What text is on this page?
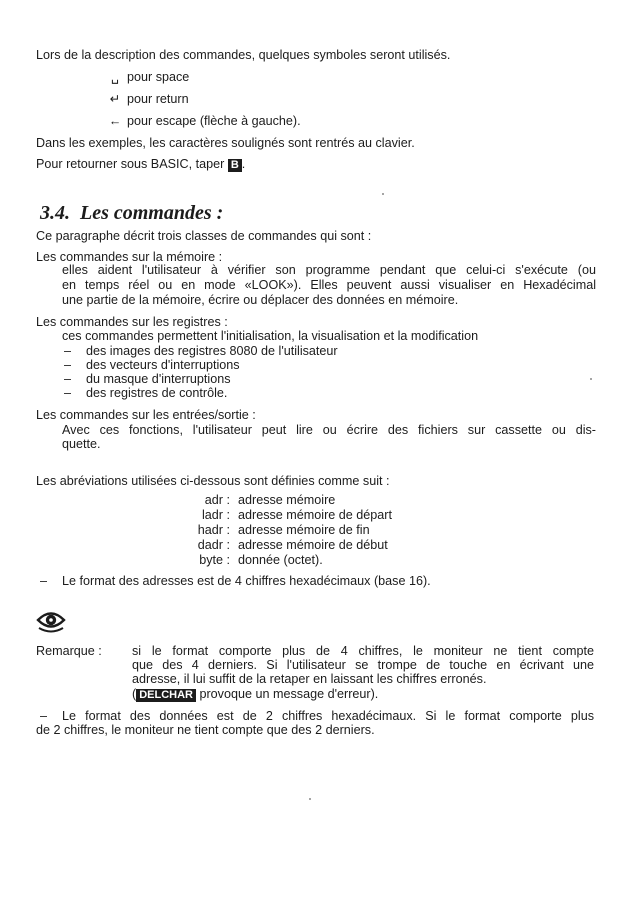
Lors de la description des commandes, quelques symboles seront utilisés.
␣ pour space
↵ pour return
← pour escape (flèche à gauche).
Dans les exemples, les caractères soulignés sont rentrés au clavier.
Pour retourner sous BASIC, taper B .
3.4. Les commandes :
Ce paragraphe décrit trois classes de commandes qui sont :
Les commandes sur la mémoire :
elles aident l'utilisateur à vérifier son programme pendant que celui-ci s'exécute (ou
en temps réel ou en mode «LOOK»). Elles peuvent aussi visualiser en Hexadécimal
une partie de la mémoire, écrire ou déplacer des données en mémoire.
Les commandes sur les registres :
ces commandes permettent l'initialisation, la visualisation et la modification
– des images des registres 8080 de l'utilisateur
– des vecteurs d'interruptions
– du masque d'interruptions
– des registres de contrôle.
Les commandes sur les entrées/sortie :
Avec ces fonctions, l'utilisateur peut lire ou écrire des fichiers sur cassette ou dis-
quette.
Les abréviations utilisées ci-dessous sont définies comme suit :
adr : adresse mémoire
ladr : adresse mémoire de départ
hadr : adresse mémoire de fin
dadr : adresse mémoire de début
byte : donnée (octet).
– Le format des adresses est de 4 chiffres hexadécimaux (base 16).
Remarque : si le format comporte plus de 4 chiffres, le moniteur ne tient compte
que des 4 derniers. Si l'utilisateur se trompe de touche en écrivant une
adresse, il lui suffit de la retaper en laissant les chiffres erronés.
( DELCHAR provoque un message d'erreur).
– Le format des données est de 2 chiffres hexadécimaux. Si le format comporte plus
de 2 chiffres, le moniteur ne tient compte que des 2 derniers.
